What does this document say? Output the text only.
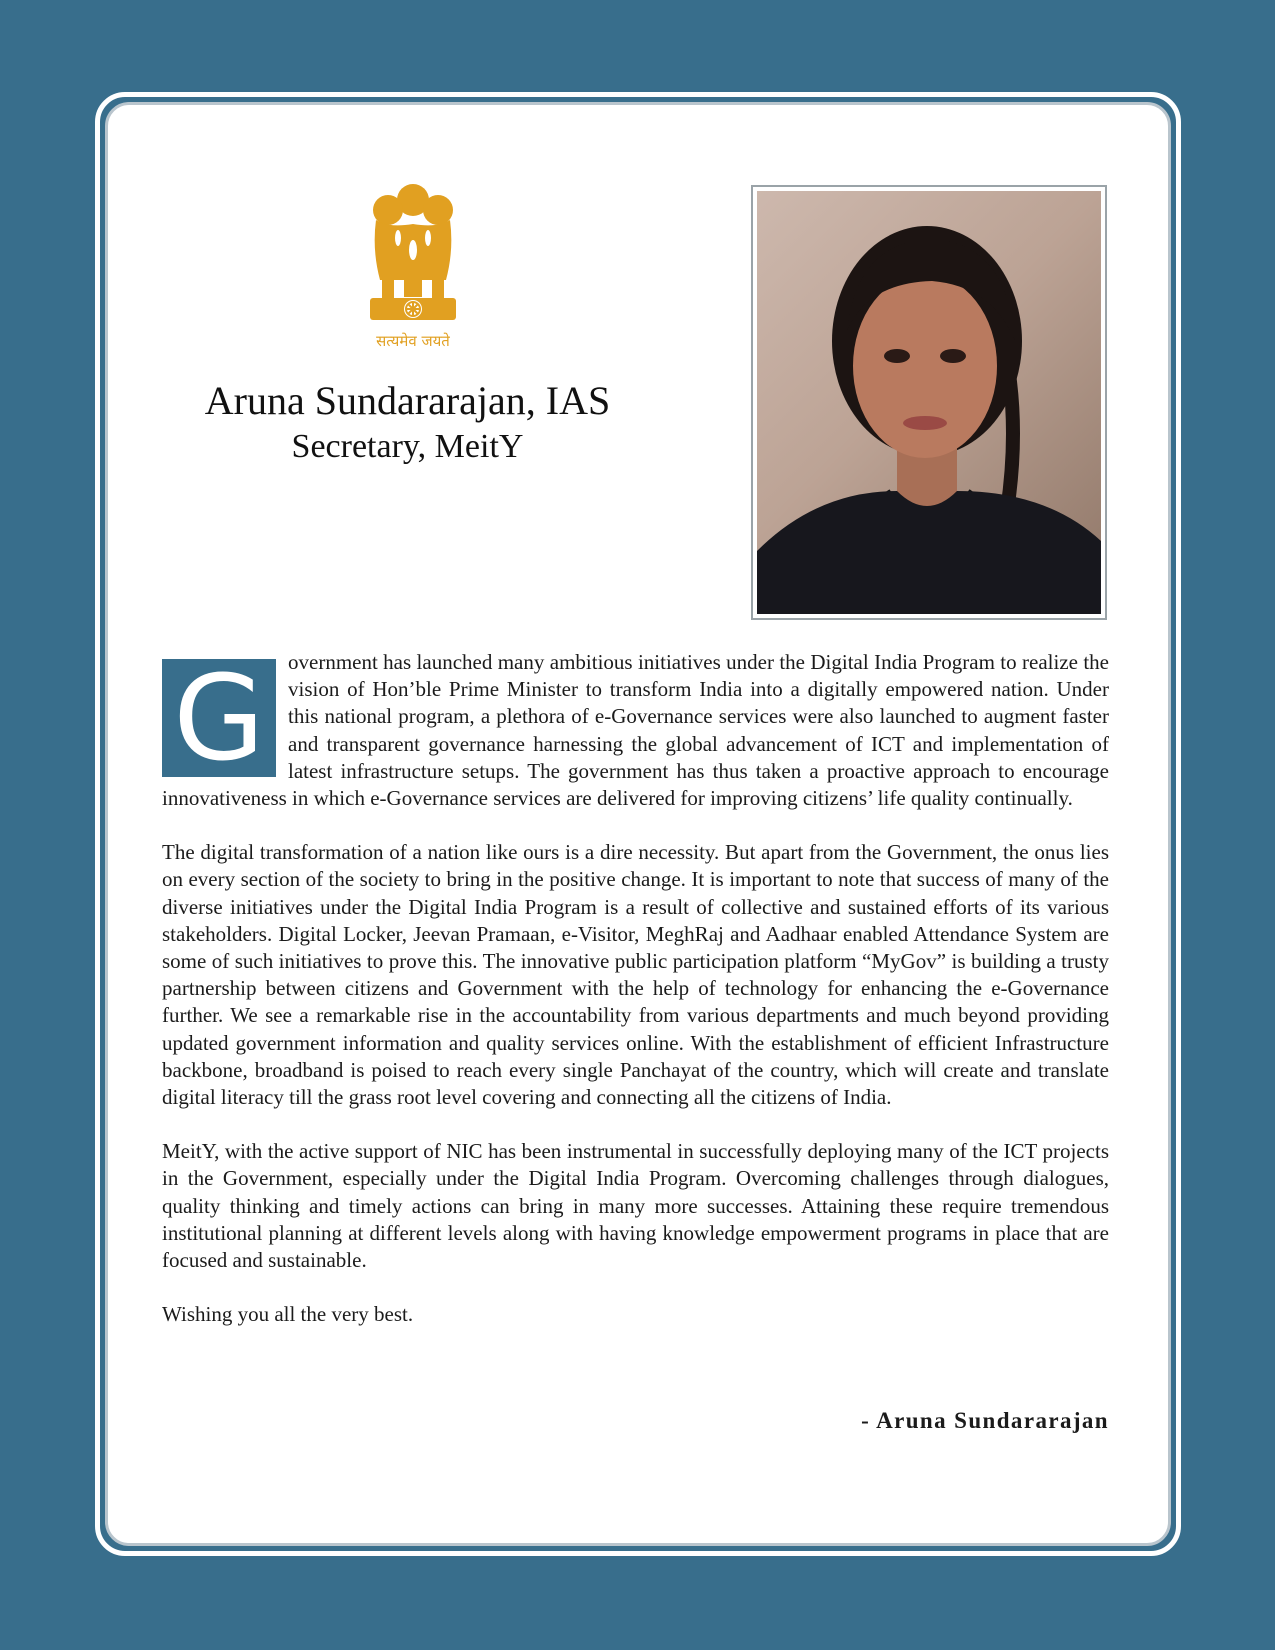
सत्यमेव जयते
Aruna Sundararajan, IAS
Secretary, MeitY

G	overnment has launched many ambitious initiatives under the Digital India Program to realize the vision of Hon’ble Prime Minister to transform India into a digitally empowered nation. Under this national program, a plethora of e-Governance services were also launched to augment faster and transparent governance harnessing the global advancement of ICT and implementation of latest infrastructure setups. The government has thus taken a proactive approach to encourage innovativeness in which e-Governance services are delivered for improving citizens’ life quality continually.

The digital transformation of a nation like ours is a dire necessity. But apart from the Government, the onus lies on every section of the society to bring in the positive change. It is important to note that success of many of the diverse initiatives under the Digital India Program is a result of collective and sustained efforts of its various stakeholders. Digital Locker, Jeevan Pramaan, e-Visitor, MeghRaj and Aadhaar enabled Attendance System are some of such initiatives to prove this. The innovative public participation platform “MyGov” is building a trusty partnership between citizens and Government with the help of technology for enhancing the e-Governance further. We see a remarkable rise in the accountability from various departments and much beyond providing updated government information and quality services online. With the establishment of efficient Infrastructure backbone, broadband is poised to reach every single Panchayat of the country, which will create and translate digital literacy till the grass root level covering and connecting all the citizens of India.

MeitY, with the active support of NIC has been instrumental in successfully deploying many of the ICT projects in the Government, especially under the Digital India Program. Overcoming challenges through dialogues, quality thinking and timely actions can bring in many more successes. Attaining these require tremendous institutional planning at different levels along with having knowledge empowerment programs in place that are focused and sustainable.

Wishing you all the very best.

- Aruna Sundararajan
